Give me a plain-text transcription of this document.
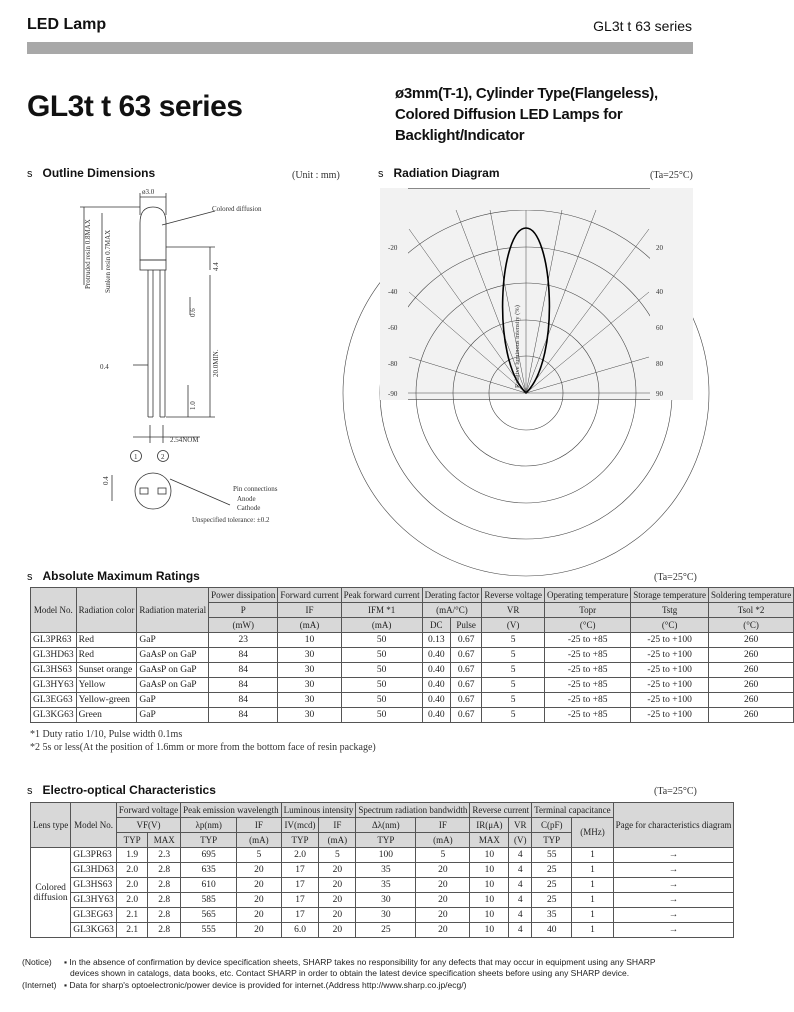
LED Lamp	GL3t t 63 series
GL3t t 63 series	ø3mm(T-1), Cylinder Type(Flangeless),
Colored Diffusion LED Lamps for
Backlight/Indicator
s Outline Dimensions	(Unit : mm)
ø3.0
Colored diffusion
Protruded resin 0.8MAX Sunken resin 0.7MAX	4.4
0.6
20.0MIN.
1.0
0.4
2.54NOM
1	2
0.4
Pin connections
Anode
Cathode
Unspecified tolerance: ±0.2
s Radiation Diagram	(Ta=25°C)
-20
-40
-60
-80
-90
20
40
60
80
90
Relative luminous intensity (%)
s Absolute Maximum Ratings	(Ta=25°C)
Model No.	Radiation color	Radiation material	Power dissipation	Forward current	Peak forward current	Derating factor		Reverse voltage	Operating temperature	Storage temperature	Soldering temperature
			P	IF	IFM *1	(mA/°C)		VR	Topr	Tstg	Tsol *2
			(mW)	(mA)	(mA)	DC	Pulse	(V)	(°C)	(°C)	(°C)
GL3PR63	Red	GaP	23	10	50	0.13	0.67	5	-25 to +85	-25 to +100	260
GL3HD63	Red	GaAsP on GaP	84	30	50	0.40	0.67	5	-25 to +85	-25 to +100	260
GL3HS63	Sunset orange	GaAsP on GaP	84	30	50	0.40	0.67	5	-25 to +85	-25 to +100	260
GL3HY63	Yellow	GaAsP on GaP	84	30	50	0.40	0.67	5	-25 to +85	-25 to +100	260
GL3EG63	Yellow-green	GaP	84	30	50	0.40	0.67	5	-25 to +85	-25 to +100	260
GL3KG63	Green	GaP	84	30	50	0.40	0.67	5	-25 to +85	-25 to +100	260
*1 Duty ratio 1/10, Pulse width 0.1ms
*2 5s or less(At the position of 1.6mm or more from the bottom face of resin package)
s Electro-optical Characteristics	(Ta=25°C)
Lens type	Model No.	Forward voltage		Peak emission wavelength		Luminous intensity		Spectrum radiation bandwidth		Reverse current		Terminal capacitance		Page for characteristics diagram
		VF(V)		λp(nm)	IF	IV(mcd)	IF	Δλ(nm)	IF	IR(μA)	VR	C(pF)	(MHz)	
		TYP	MAX	TYP	(mA)	TYP	(mA)	TYP	(mA)	MAX	(V)	TYP		
Colored diffusion	GL3PR63	1.9	2.3	695	5	2.0	5	100	5	10	4	55	1	→
	GL3HD63	2.0	2.8	635	20	17	20	35	20	10	4	25	1	→
	GL3HS63	2.0	2.8	610	20	17	20	35	20	10	4	25	1	→
	GL3HY63	2.0	2.8	585	20	17	20	30	20	10	4	25	1	→
	GL3EG63	2.1	2.8	565	20	17	20	30	20	10	4	35	1	→
	GL3KG63	2.1	2.8	555	20	6.0	20	25	20	10	4	40	1	→
(Notice) ▪ In the absence of confirmation by device specification sheets, SHARP takes no responsibility for any defects that may occur in equipment using any SHARP
devices shown in catalogs, data books, etc. Contact SHARP in order to obtain the latest device specification sheets before using any SHARP device.
(Internet) ▪ Data for sharp's optoelectronic/power device is provided for internet.(Address http://www.sharp.co.jp/ecg/)
